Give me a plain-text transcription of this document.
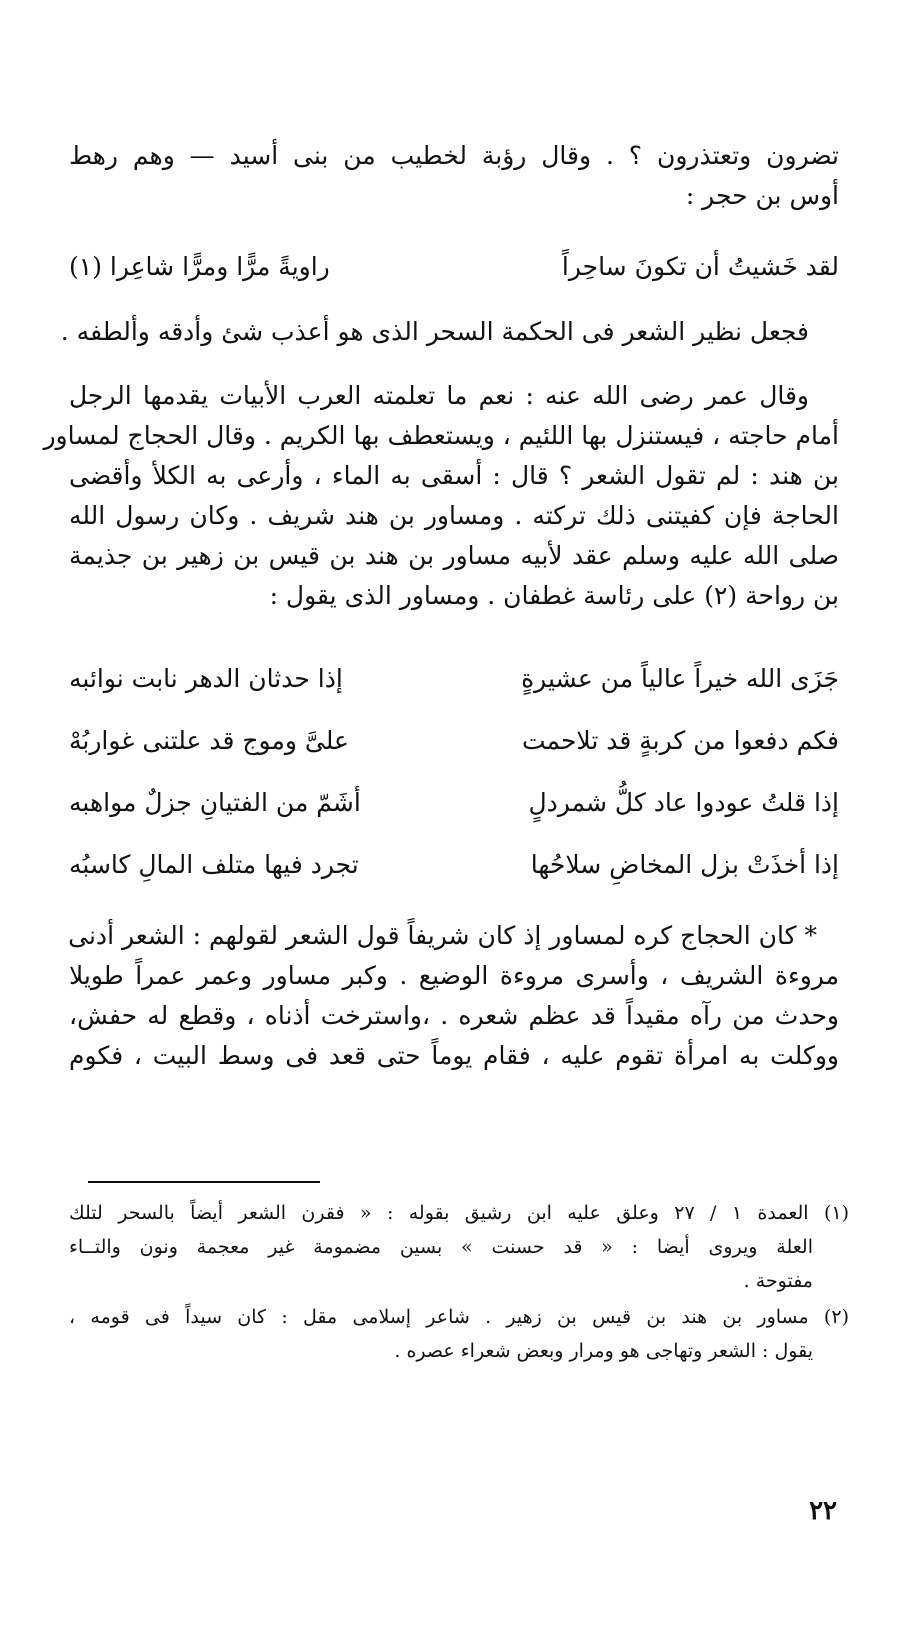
تضرون وتعتذرون ؟ . وقال رؤبة لخطيب من بنى أسيد — وهم رهط
أوس بن حجر :
لقد خَشيتُ أن تكونَ ساحِراً
راويةً مرًّا ومرًّا شاعِرا (١)
فجعل نظير الشعر فى الحكمة السحر الذى هو أعذب شئ وأدقه وألطفه .
وقال عمر رضى الله عنه : نعم ما تعلمته العرب الأبيات يقدمها الرجل
أمام حاجته ، فيستنزل بها اللئيم ، ويستعطف بها الكريم . وقال الحجاج لمساور
بن هند : لم تقول الشعر ؟ قال : أسقى به الماء ، وأرعى به الكلأ وأقضى
الحاجة فإن كفيتنى ذلك تركته . ومساور بن هند شريف . وكان رسول الله
صلى الله عليه وسلم عقد لأبيه مساور بن هند بن قيس بن زهير بن جذيمة
بن رواحة (٢) على رئاسة غطفان . ومساور الذى يقول :
جَزَى الله خيراً عالياً من عشيرةٍ
إذا حدثان الدهر نابت نوائبه
فكم دفعوا من كربةٍ قد تلاحمت
علىَّ وموج قد علتنى غواربُهْ
إذا قلتُ عودوا عاد كلُّ شمردلٍ
أشَمّ من الفتيانِ جزلٌ مواهبه
إذا أخذَتْ بزل المخاضِ سلاحُها
تجرد فيها متلف المالِ كاسبُه
* كان الحجاج كره لمساور إذ كان شريفاً قول الشعر لقولهم : الشعر أدنى
مروءة الشريف ، وأسرى مروءة الوضيع . وكبر مساور وعمر عمراً طويلا
وحدث من رآه مقيداً قد عظم شعره . ،واسترخت أذناه ، وقطع له حفش،
ووكلت به امرأة تقوم عليه ، فقام يوماً حتى قعد فى وسط البيت ، فكوم
(١) العمدة ١ / ٢٧ وعلق عليه ابن رشيق بقوله : « فقرن الشعر أيضاً بالسحر لتلك
العلة ويروى أيضا : « قد حسنت » بسين مضمومة غير معجمة ونون والتــاء
مفتوحة .
(٢) مساور بن هند بن قيس بن زهير . شاعر إسلامى مقل : كان سيداً فى قومه ،
يقول : الشعر وتهاجى هو ومرار وبعض شعراء عصره .
٢٢
